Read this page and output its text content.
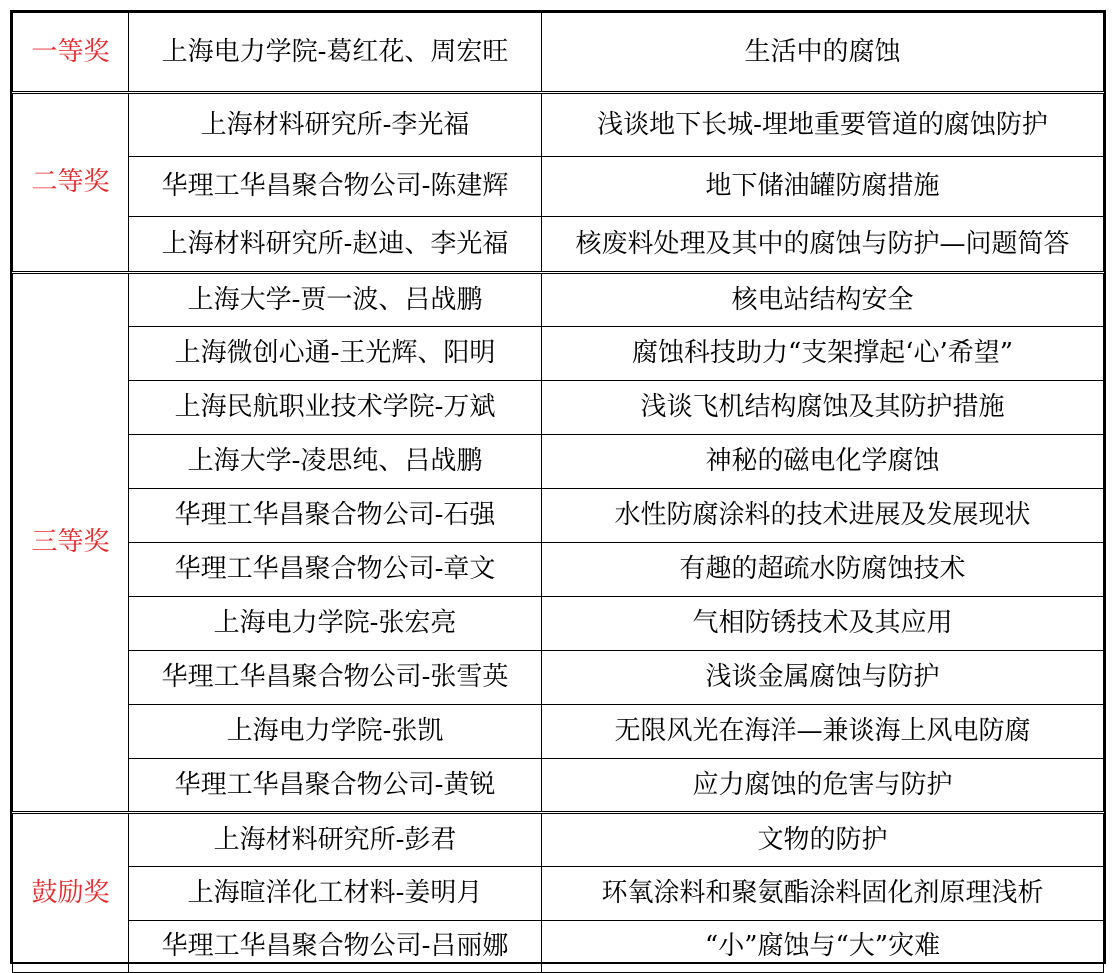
一等奖	上海电力学院-葛红花、周宏旺	生活中的腐蚀
二等奖	上海材料研究所-李光福	浅谈地下长城-埋地重要管道的腐蚀防护
	华理工华昌聚合物公司-陈建辉	地下储油罐防腐措施
	上海材料研究所-赵迪、李光福	核废料处理及其中的腐蚀与防护—问题简答
三等奖	上海大学-贾一波、吕战鹏	核电站结构安全
	上海微创心通-王光辉、阳明	腐蚀科技助力“支架撑起‘心’希望”
	上海民航职业技术学院-万斌	浅谈飞机结构腐蚀及其防护措施
	上海大学-凌思纯、吕战鹏	神秘的磁电化学腐蚀
	华理工华昌聚合物公司-石强	水性防腐涂料的技术进展及发展现状
	华理工华昌聚合物公司-章文	有趣的超疏水防腐蚀技术
	上海电力学院-张宏亮	气相防锈技术及其应用
	华理工华昌聚合物公司-张雪英	浅谈金属腐蚀与防护
	上海电力学院-张凯	无限风光在海洋—兼谈海上风电防腐
	华理工华昌聚合物公司-黄锐	应力腐蚀的危害与防护
鼓励奖	上海材料研究所-彭君	文物的防护
	上海暄洋化工材料-姜明月	环氧涂料和聚氨酯涂料固化剂原理浅析
	华理工华昌聚合物公司-吕丽娜	“小”腐蚀与“大”灾难
